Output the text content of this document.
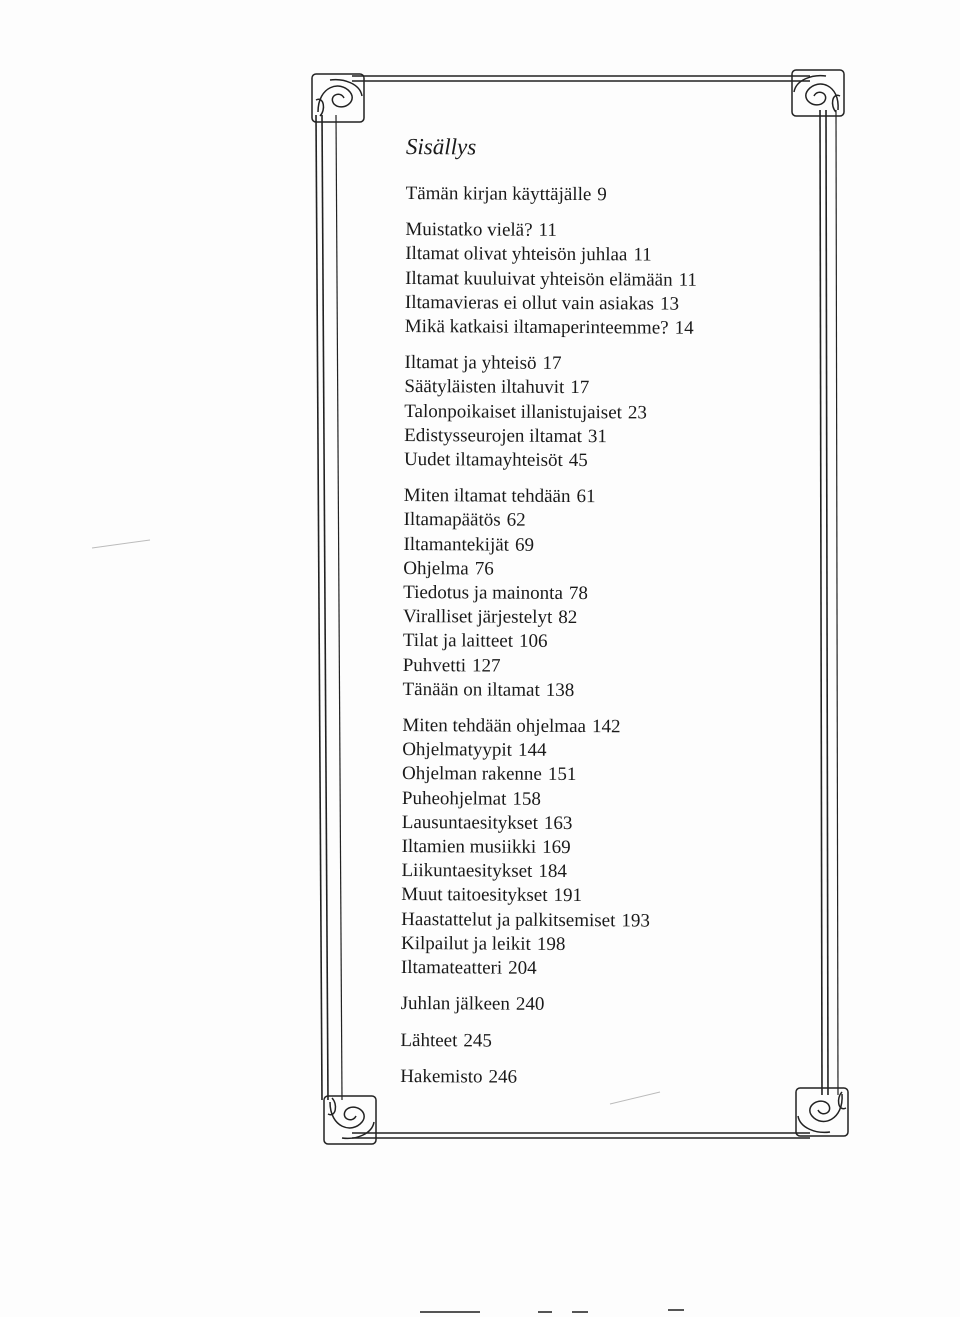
Sisällys
Tämän kirjan käyttäjälle 9
Muistatko vielä? 11
Iltamat olivat yhteisön juhlaa 11
Iltamat kuuluivat yhteisön elämään 11
Iltamavieras ei ollut vain asiakas 13
Mikä katkaisi iltamaperinteemme? 14
Iltamat ja yhteisö 17
Säätyläisten iltahuvit 17
Talonpoikaiset illanistujaiset 23
Edistysseurojen iltamat 31
Uudet iltamayhteisöt 45
Miten iltamat tehdään 61
Iltamapäätös 62
Iltamantekijät 69
Ohjelma 76
Tiedotus ja mainonta 78
Viralliset järjestelyt 82
Tilat ja laitteet 106
Puhvetti 127
Tänään on iltamat 138
Miten tehdään ohjelmaa 142
Ohjelmatyypit 144
Ohjelman rakenne 151
Puheohjelmat 158
Lausuntaesitykset 163
Iltamien musiikki 169
Liikuntaesitykset 184
Muut taitoesitykset 191
Haastattelut ja palkitsemiset 193
Kilpailut ja leikit 198
Iltamateatteri 204
Juhlan jälkeen 240
Lähteet 245
Hakemisto 246
